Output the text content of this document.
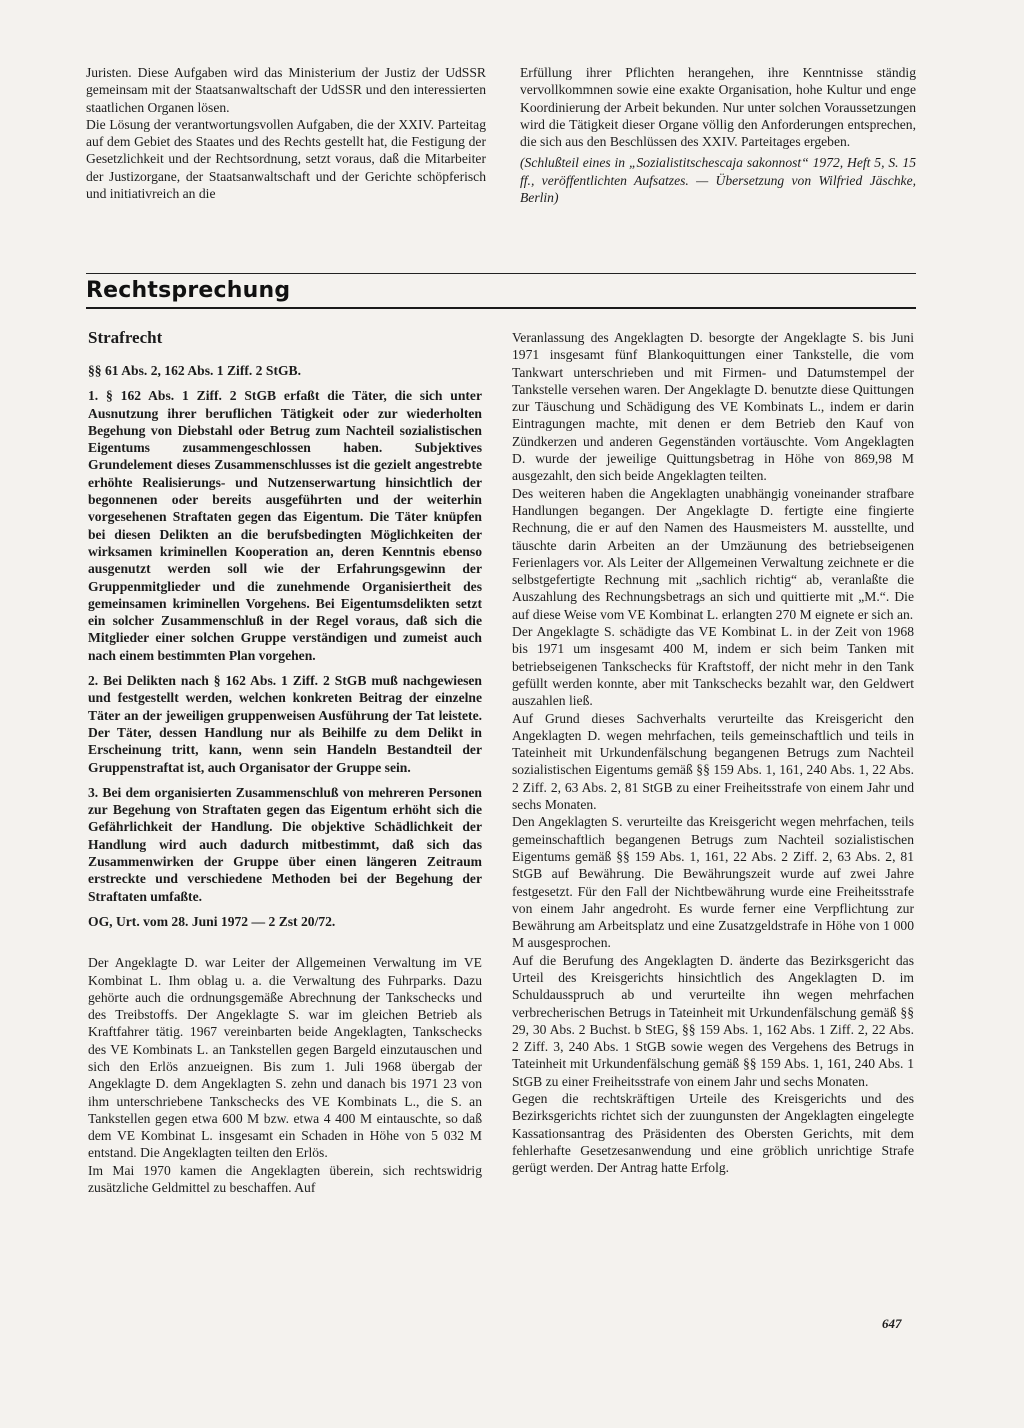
Juristen. Diese Aufgaben wird das Ministerium der Justiz der UdSSR gemeinsam mit der Staatsanwaltschaft der UdSSR und den interessierten staatlichen Organen lösen.

Die Lösung der verantwortungsvollen Aufgaben, die der XXIV. Parteitag auf dem Gebiet des Staates und des Rechts gestellt hat, die Festigung der Gesetzlichkeit und der Rechtsordnung, setzt voraus, daß die Mitarbeiter der Justizorgane, der Staatsanwaltschaft und der Gerichte schöpferisch und initiativreich an die

Erfüllung ihrer Pflichten herangehen, ihre Kenntnisse ständig vervollkommnen sowie eine exakte Organisation, hohe Kultur und enge Koordinierung der Arbeit bekunden. Nur unter solchen Voraussetzungen wird die Tätigkeit dieser Organe völlig den Anforderungen entsprechen, die sich aus den Beschlüssen des XXIV. Parteitages ergeben.

(Schlußteil eines in „Sozialistitschescaja sakonnost“ 1972, Heft 5, S. 15 ff., veröffentlichten Aufsatzes. — Übersetzung von Wilfried Jäschke, Berlin)

Rechtsprechung
Strafrecht

§§ 61 Abs. 2, 162 Abs. 1 Ziff. 2 StGB.

1. § 162 Abs. 1 Ziff. 2 StGB erfaßt die Täter, die sich unter Ausnutzung ihrer beruflichen Tätigkeit oder zur wiederholten Begehung von Diebstahl oder Betrug zum Nachteil sozialistischen Eigentums zusammengeschlossen haben. Subjektives Grundelement dieses Zusammenschlusses ist die gezielt angestrebte erhöhte Realisierungs- und Nutzenserwartung hinsichtlich der begonnenen oder bereits ausgeführten und der weiterhin vorgesehenen Straftaten gegen das Eigentum. Die Täter knüpfen bei diesen Delikten an die berufsbedingten Möglichkeiten der wirksamen kriminellen Kooperation an, deren Kenntnis ebenso ausgenutzt werden soll wie der Erfahrungsgewinn der Gruppenmitglieder und die zunehmende Organisiertheit des gemeinsamen kriminellen Vorgehens. Bei Eigentumsdelikten setzt ein solcher Zusammenschluß in der Regel voraus, daß sich die Mitglieder einer solchen Gruppe verständigen und zumeist auch nach einem bestimmten Plan vorgehen.

2. Bei Delikten nach § 162 Abs. 1 Ziff. 2 StGB muß nachgewiesen und festgestellt werden, welchen konkreten Beitrag der einzelne Täter an der jeweiligen gruppenweisen Ausführung der Tat leistete. Der Täter, dessen Handlung nur als Beihilfe zu dem Delikt in Erscheinung tritt, kann, wenn sein Handeln Bestandteil der Gruppenstraftat ist, auch Organisator der Gruppe sein.

3. Bei dem organisierten Zusammenschluß von mehreren Personen zur Begehung von Straftaten gegen das Eigentum erhöht sich die Gefährlichkeit der Handlung. Die objektive Schädlichkeit der Handlung wird auch dadurch mitbestimmt, daß sich das Zusammenwirken der Gruppe über einen längeren Zeitraum erstreckte und verschiedene Methoden bei der Begehung der Straftaten umfaßte.

OG, Urt. vom 28. Juni 1972 — 2 Zst 20/72.

Der Angeklagte D. war Leiter der Allgemeinen Verwaltung im VE Kombinat L. Ihm oblag u. a. die Verwaltung des Fuhrparks. Dazu gehörte auch die ordnungsgemäße Abrechnung der Tankschecks und des Treibstoffs. Der Angeklagte S. war im gleichen Betrieb als Kraftfahrer tätig. 1967 vereinbarten beide Angeklagten, Tankschecks des VE Kombinats L. an Tankstellen gegen Bargeld einzutauschen und sich den Erlös anzueignen. Bis zum 1. Juli 1968 übergab der Angeklagte D. dem Angeklagten S. zehn und danach bis 1971 23 von ihm unterschriebene Tankschecks des VE Kombinats L., die S. an Tankstellen gegen etwa 600 M bzw. etwa 4 400 M eintauschte, so daß dem VE Kombinat L. insgesamt ein Schaden in Höhe von 5 032 M entstand. Die Angeklagten teilten den Erlös.

Im Mai 1970 kamen die Angeklagten überein, sich rechtswidrig zusätzliche Geldmittel zu beschaffen. Auf

Veranlassung des Angeklagten D. besorgte der Angeklagte S. bis Juni 1971 insgesamt fünf Blankoquittungen einer Tankstelle, die vom Tankwart unterschrieben und mit Firmen- und Datumstempel der Tankstelle versehen waren. Der Angeklagte D. benutzte diese Quittungen zur Täuschung und Schädigung des VE Kombinats L., indem er darin Eintragungen machte, mit denen er dem Betrieb den Kauf von Zündkerzen und anderen Gegenständen vortäuschte. Vom Angeklagten D. wurde der jeweilige Quittungsbetrag in Höhe von 869,98 M ausgezahlt, den sich beide Angeklagten teilten.

Des weiteren haben die Angeklagten unabhängig voneinander strafbare Handlungen begangen. Der Angeklagte D. fertigte eine fingierte Rechnung, die er auf den Namen des Hausmeisters M. ausstellte, und täuschte darin Arbeiten an der Umzäunung des betriebseigenen Ferienlagers vor. Als Leiter der Allgemeinen Verwaltung zeichnete er die selbstgefertigte Rechnung mit „sachlich richtig“ ab, veranlaßte die Auszahlung des Rechnungsbetrags an sich und quittierte mit „M.“. Die auf diese Weise vom VE Kombinat L. erlangten 270 M eignete er sich an.

Der Angeklagte S. schädigte das VE Kombinat L. in der Zeit von 1968 bis 1971 um insgesamt 400 M, indem er sich beim Tanken mit betriebseigenen Tankschecks für Kraftstoff, der nicht mehr in den Tank gefüllt werden konnte, aber mit Tankschecks bezahlt war, den Geldwert auszahlen ließ.

Auf Grund dieses Sachverhalts verurteilte das Kreisgericht den Angeklagten D. wegen mehrfachen, teils gemeinschaftlich und teils in Tateinheit mit Urkundenfälschung begangenen Betrugs zum Nachteil sozialistischen Eigentums gemäß §§ 159 Abs. 1, 161, 240 Abs. 1, 22 Abs. 2 Ziff. 2, 63 Abs. 2, 81 StGB zu einer Freiheitsstrafe von einem Jahr und sechs Monaten.

Den Angeklagten S. verurteilte das Kreisgericht wegen mehrfachen, teils gemeinschaftlich begangenen Betrugs zum Nachteil sozialistischen Eigentums gemäß §§ 159 Abs. 1, 161, 22 Abs. 2 Ziff. 2, 63 Abs. 2, 81 StGB auf Bewährung. Die Bewährungszeit wurde auf zwei Jahre festgesetzt. Für den Fall der Nichtbewährung wurde eine Freiheitsstrafe von einem Jahr angedroht. Es wurde ferner eine Verpflichtung zur Bewährung am Arbeitsplatz und eine Zusatzgeldstrafe in Höhe von 1 000 M ausgesprochen.

Auf die Berufung des Angeklagten D. änderte das Bezirksgericht das Urteil des Kreisgerichts hinsichtlich des Angeklagten D. im Schuldausspruch ab und verurteilte ihn wegen mehrfachen verbrecherischen Betrugs in Tateinheit mit Urkundenfälschung gemäß §§ 29, 30 Abs. 2 Buchst. b StEG, §§ 159 Abs. 1, 162 Abs. 1 Ziff. 2, 22 Abs. 2 Ziff. 3, 240 Abs. 1 StGB sowie wegen des Vergehens des Betrugs in Tateinheit mit Urkundenfälschung gemäß §§ 159 Abs. 1, 161, 240 Abs. 1 StGB zu einer Freiheitsstrafe von einem Jahr und sechs Monaten.

Gegen die rechtskräftigen Urteile des Kreisgerichts und des Bezirksgerichts richtet sich der zuungunsten der Angeklagten eingelegte Kassationsantrag des Präsidenten des Obersten Gerichts, mit dem fehlerhafte Gesetzesanwendung und eine gröblich unrichtige Strafe gerügt werden. Der Antrag hatte Erfolg.

647
